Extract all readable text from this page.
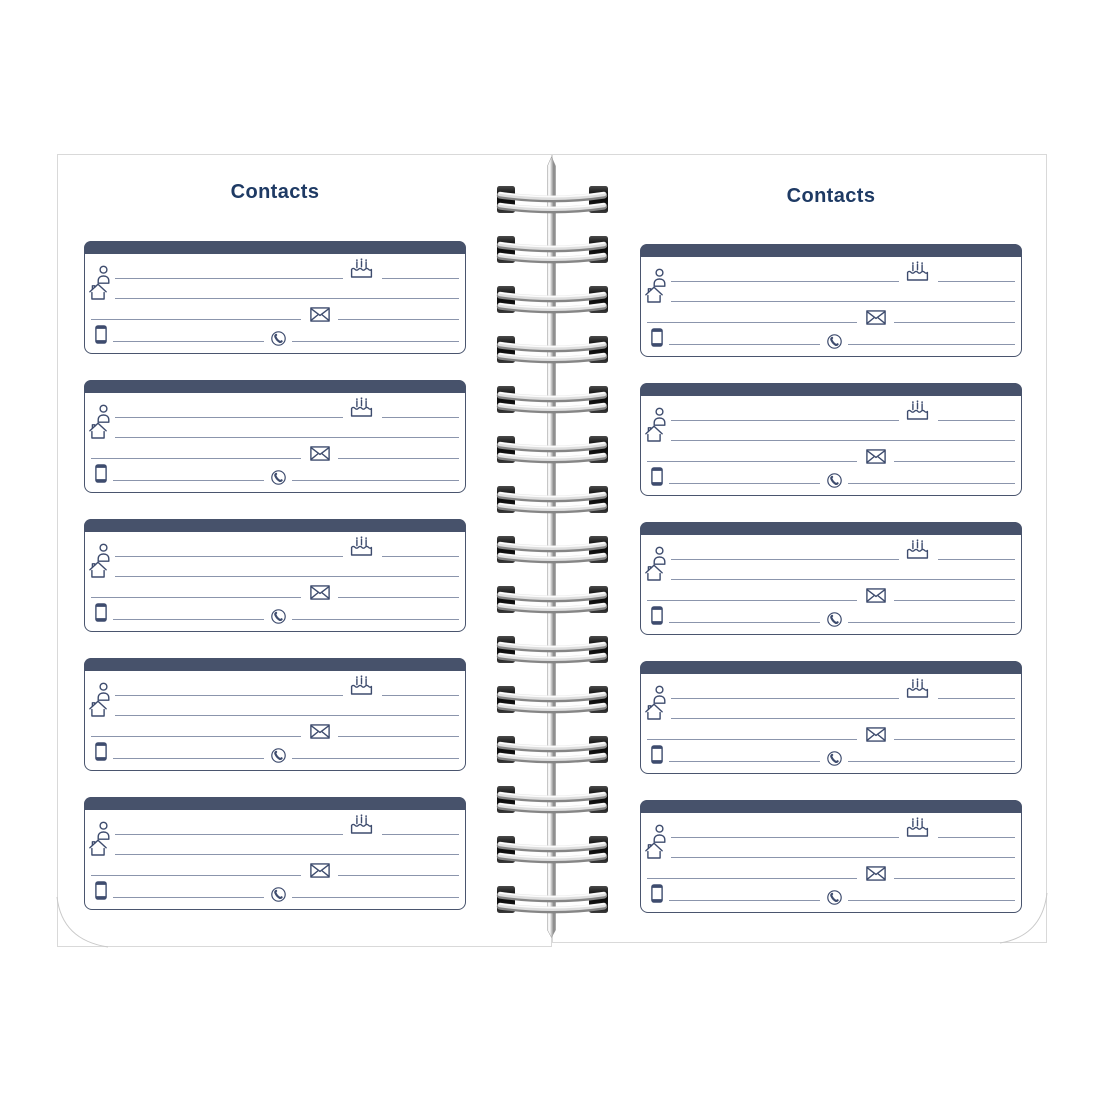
Contacts	Contacts
